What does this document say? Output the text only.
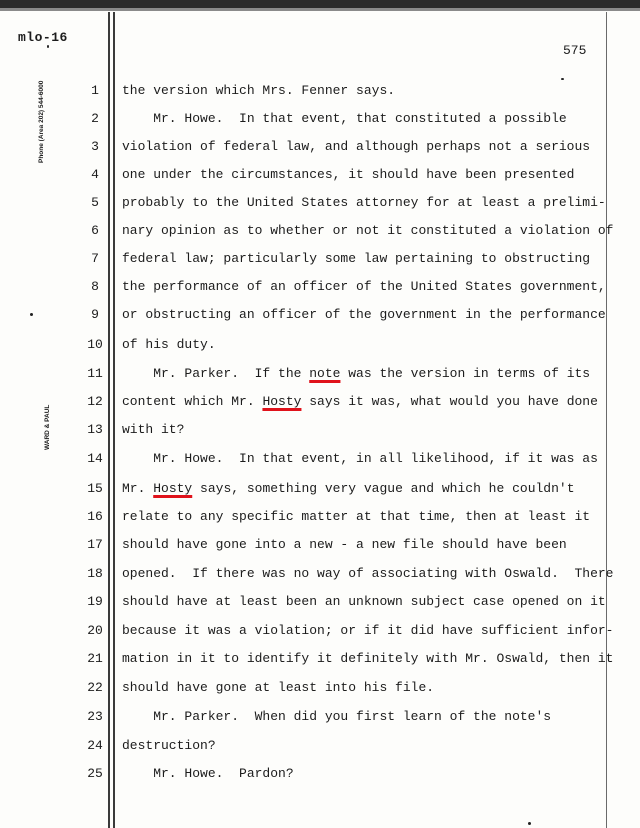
mlo-16
575
Phone (Area 202) 544-6000
WARD & PAUL
1	the version which Mrs. Fenner says.
2	Mr. Howe.  In that event, that constituted a possible
3	violation of federal law, and although perhaps not a serious
4	one under the circumstances, it should have been presented
5	probably to the United States attorney for at least a prelimi-
6	nary opinion as to whether or not it constituted a violation of
7	federal law; particularly some law pertaining to obstructing
8	the performance of an officer of the United States government,
9	or obstructing an officer of the government in the performance
10 of his duty.
11 Mr. Parker.  If the note was the version in terms of its
12 content which Mr. Hosty says it was, what would you have done
13 with it?
14 Mr. Howe.  In that event, in all likelihood, if it was as
15 Mr. Hosty says, something very vague and which he couldn't
16 relate to any specific matter at that time, then at least it
17 should have gone into a new - a new file should have been
18 opened.  If there was no way of associating with Oswald.  There
19 should have at least been an unknown subject case opened on it
20 because it was a violation; or if it did have sufficient infor-
21 mation in it to identify it definitely with Mr. Oswald, then it
22 should have gone at least into his file.
23 Mr. Parker.  When did you first learn of the note's
24 destruction?
25 Mr. Howe.  Pardon?
